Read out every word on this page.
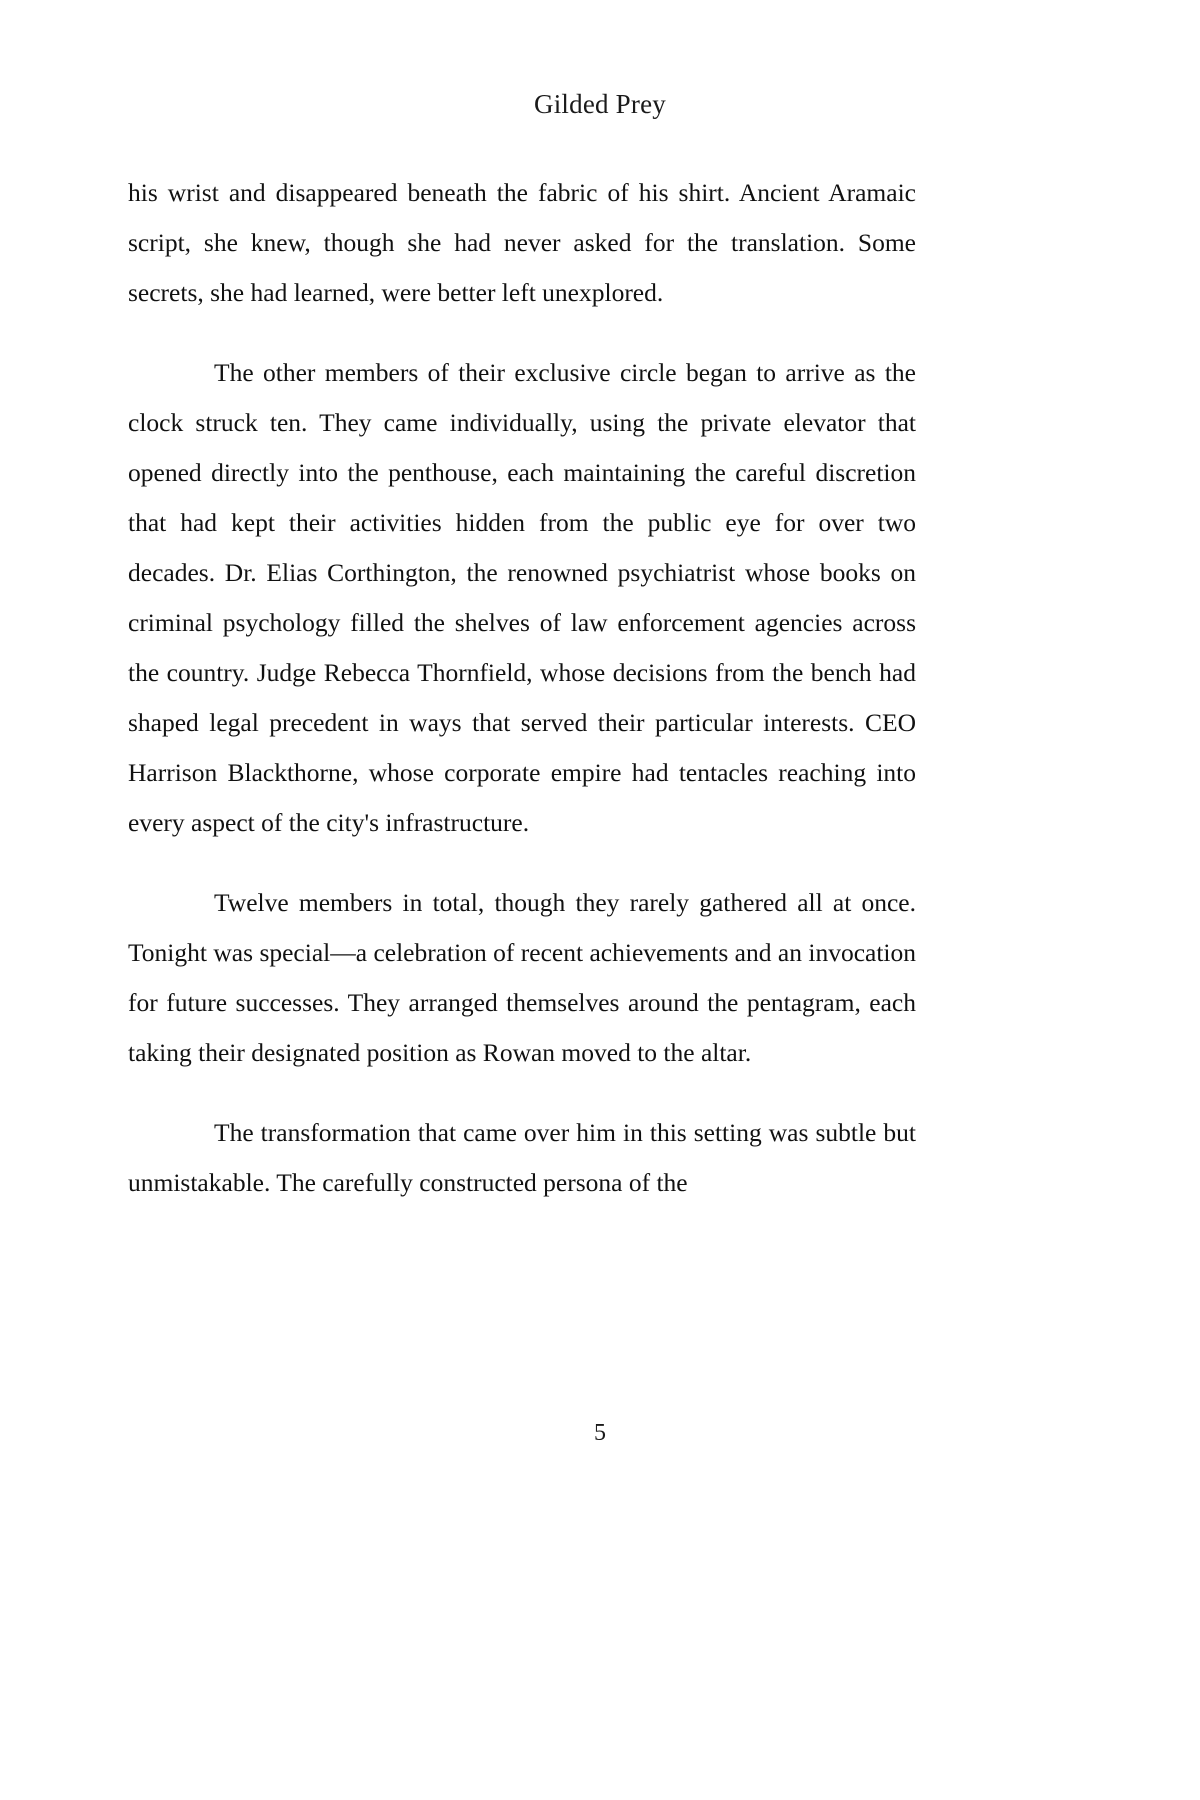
Gilded Prey

his wrist and disappeared beneath the fabric of his shirt. Ancient Aramaic script, she knew, though she had never asked for the translation. Some secrets, she had learned, were better left unexplored.

The other members of their exclusive circle began to arrive as the clock struck ten. They came individually, using the private elevator that opened directly into the penthouse, each maintaining the careful discretion that had kept their activities hidden from the public eye for over two decades. Dr. Elias Corthington, the renowned psychiatrist whose books on criminal psychology filled the shelves of law enforcement agencies across the country. Judge Rebecca Thornfield, whose decisions from the bench had shaped legal precedent in ways that served their particular interests. CEO Harrison Blackthorne, whose corporate empire had tentacles reaching into every aspect of the city's infrastructure.

Twelve members in total, though they rarely gathered all at once. Tonight was special—a celebration of recent achievements and an invocation for future successes. They arranged themselves around the pentagram, each taking their designated position as Rowan moved to the altar.

The transformation that came over him in this setting was subtle but unmistakable. The carefully constructed persona of the

5
